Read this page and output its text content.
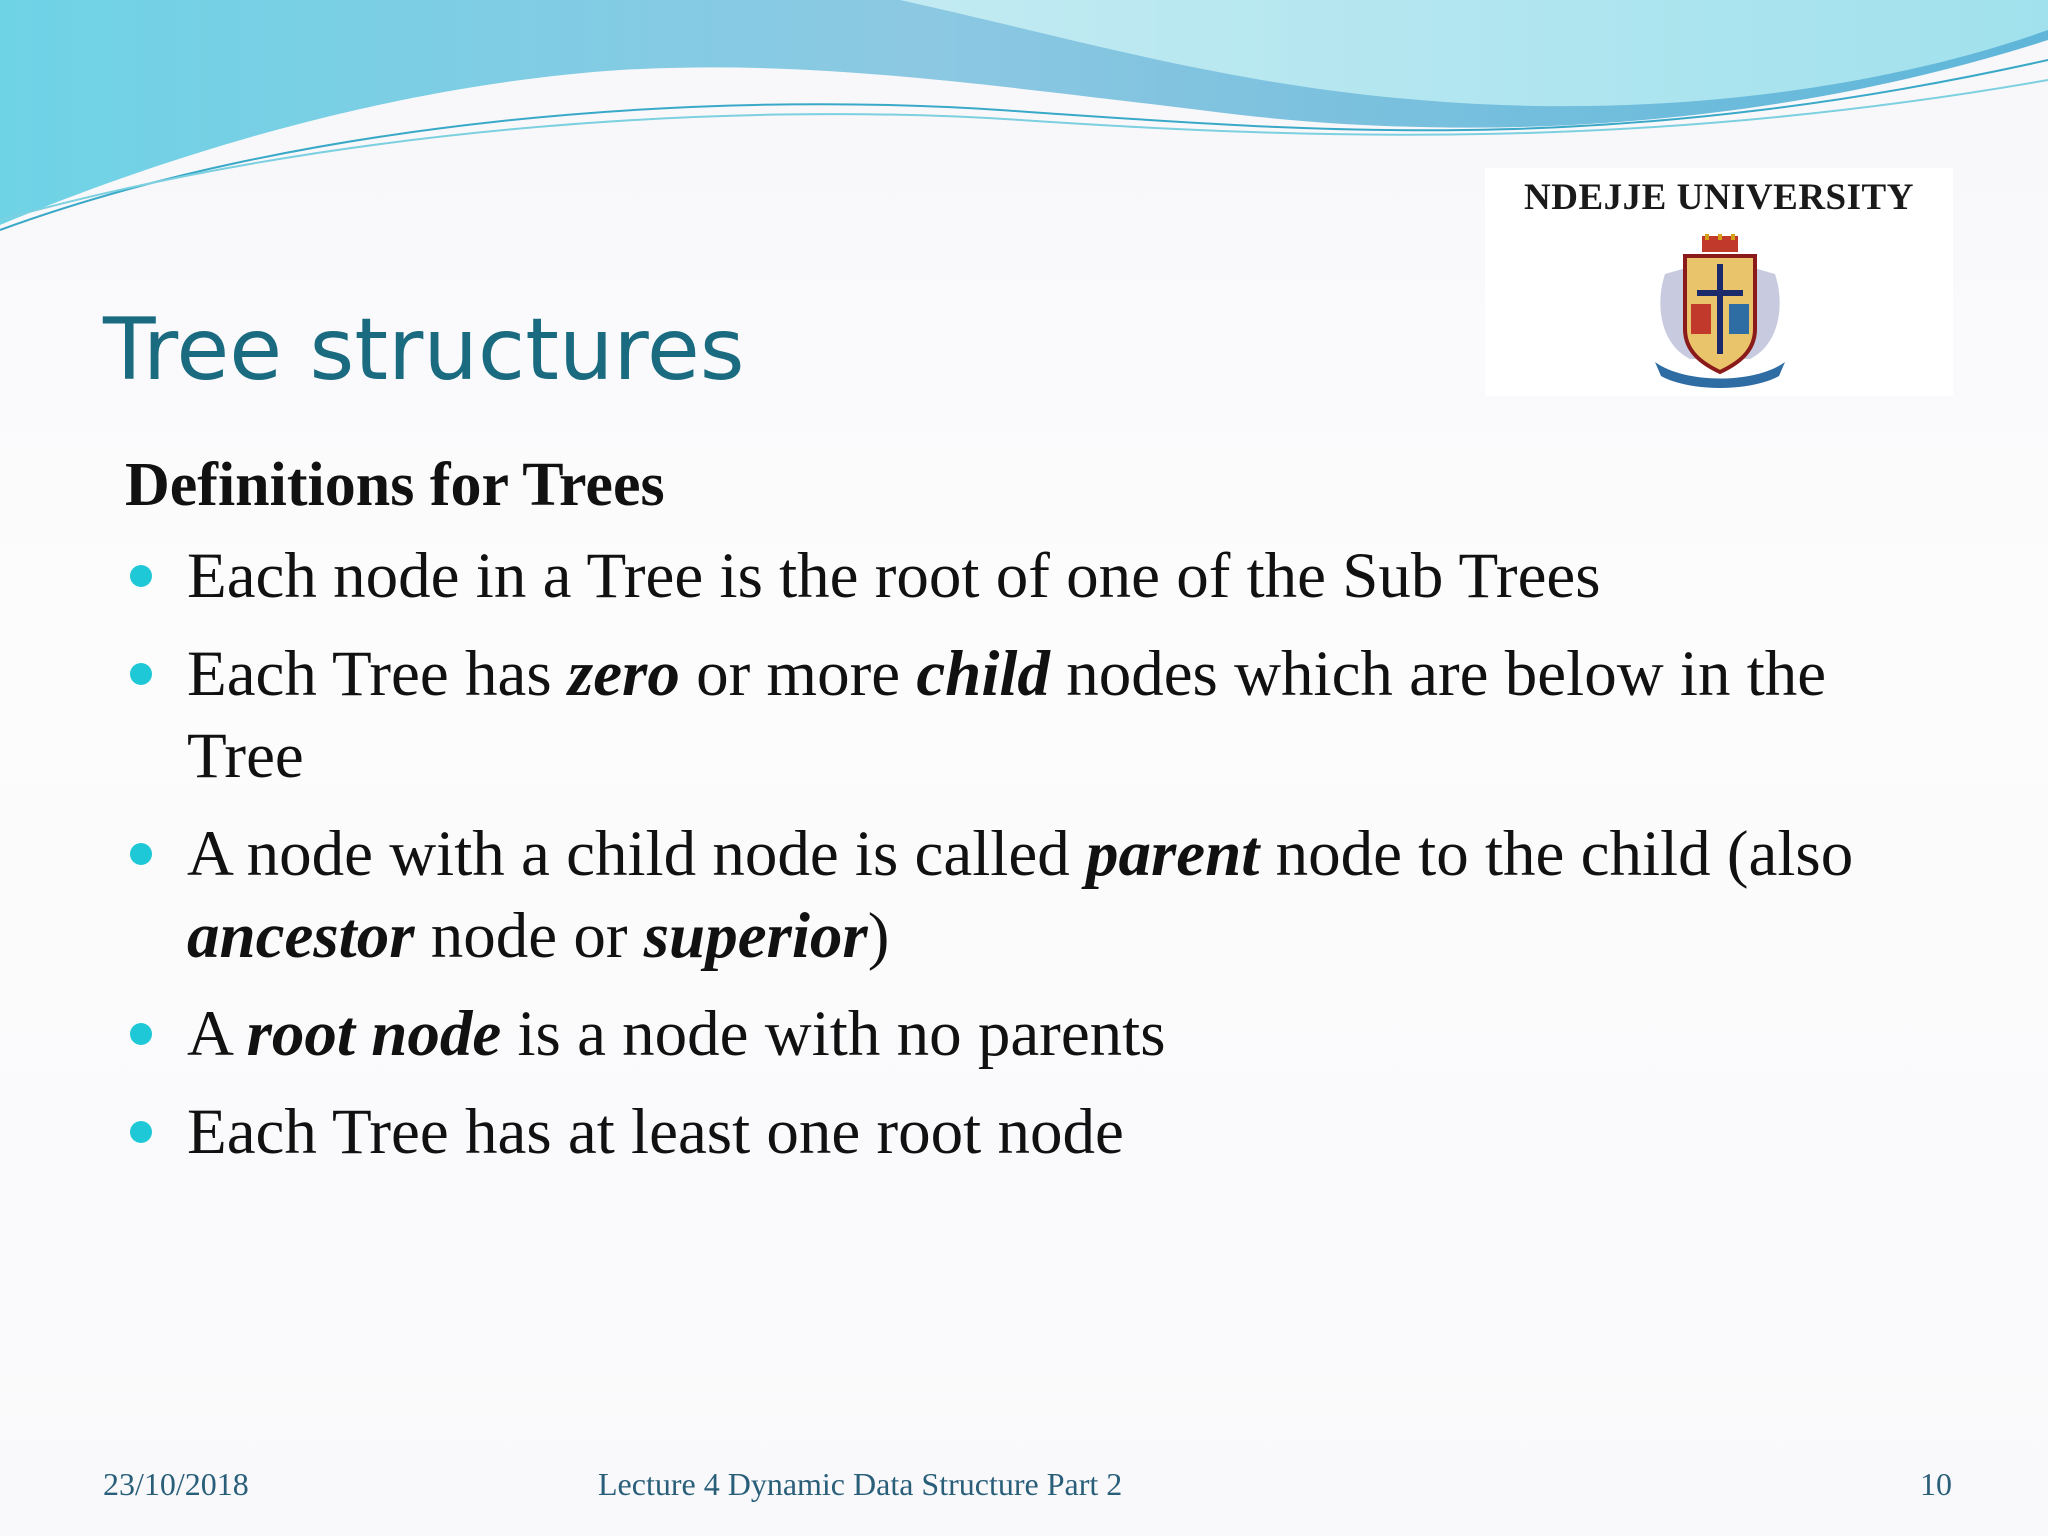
NDEJJE UNIVERSITY
Tree structures
Definitions for Trees
Each node in a Tree is the root of one of the Sub Trees
Each Tree has zero or more child nodes which are below in the Tree
A node with a child node is called parent node to the child (also ancestor node or superior)
A root node is a node with no parents
Each Tree has at least one root node
23/10/2018	Lecture 4 Dynamic Data Structure Part 2	10
